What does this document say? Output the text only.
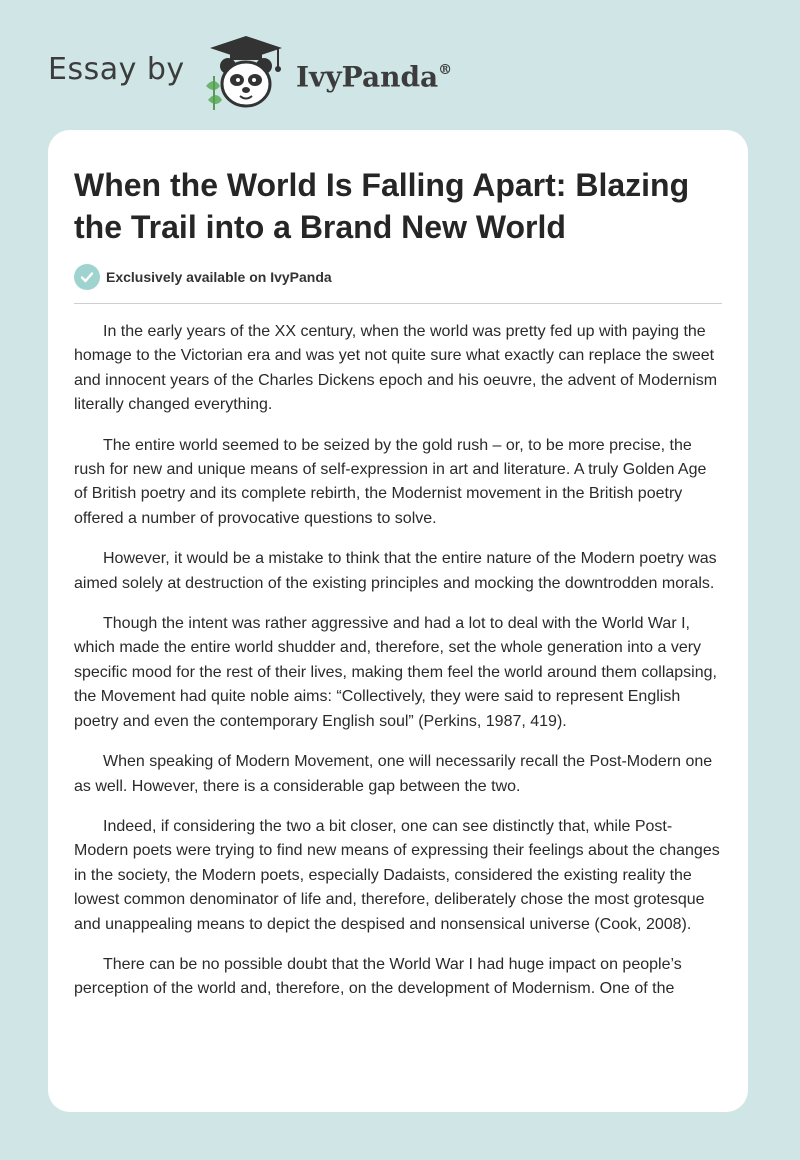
Essay by	IvyPanda®
When the World Is Falling Apart: Blazing the Trail into a Brand New World
Exclusively available on IvyPanda

In the early years of the XX century, when the world was pretty fed up with paying the homage to the Victorian era and was yet not quite sure what exactly can replace the sweet and innocent years of the Charles Dickens epoch and his oeuvre, the advent of Modernism literally changed everything.

The entire world seemed to be seized by the gold rush – or, to be more precise, the rush for new and unique means of self-expression in art and literature. A truly Golden Age of British poetry and its complete rebirth, the Modernist movement in the British poetry offered a number of provocative questions to solve.

However, it would be a mistake to think that the entire nature of the Modern poetry was aimed solely at destruction of the existing principles and mocking the downtrodden morals.

Though the intent was rather aggressive and had a lot to deal with the World War I, which made the entire world shudder and, therefore, set the whole generation into a very specific mood for the rest of their lives, making them feel the world around them collapsing, the Movement had quite noble aims: “Collectively, they were said to represent English poetry and even the contemporary English soul” (Perkins, 1987, 419).

When speaking of Modern Movement, one will necessarily recall the Post-Modern one as well. However, there is a considerable gap between the two.

Indeed, if considering the two a bit closer, one can see distinctly that, while Post-Modern poets were trying to find new means of expressing their feelings about the changes in the society, the Modern poets, especially Dadaists, considered the existing reality the lowest common denominator of life and, therefore, deliberately chose the most grotesque and unappealing means to depict the despised and nonsensical universe (Cook, 2008).

There can be no possible doubt that the World War I had huge impact on people’s perception of the world and, therefore, on the development of Modernism. One of the
